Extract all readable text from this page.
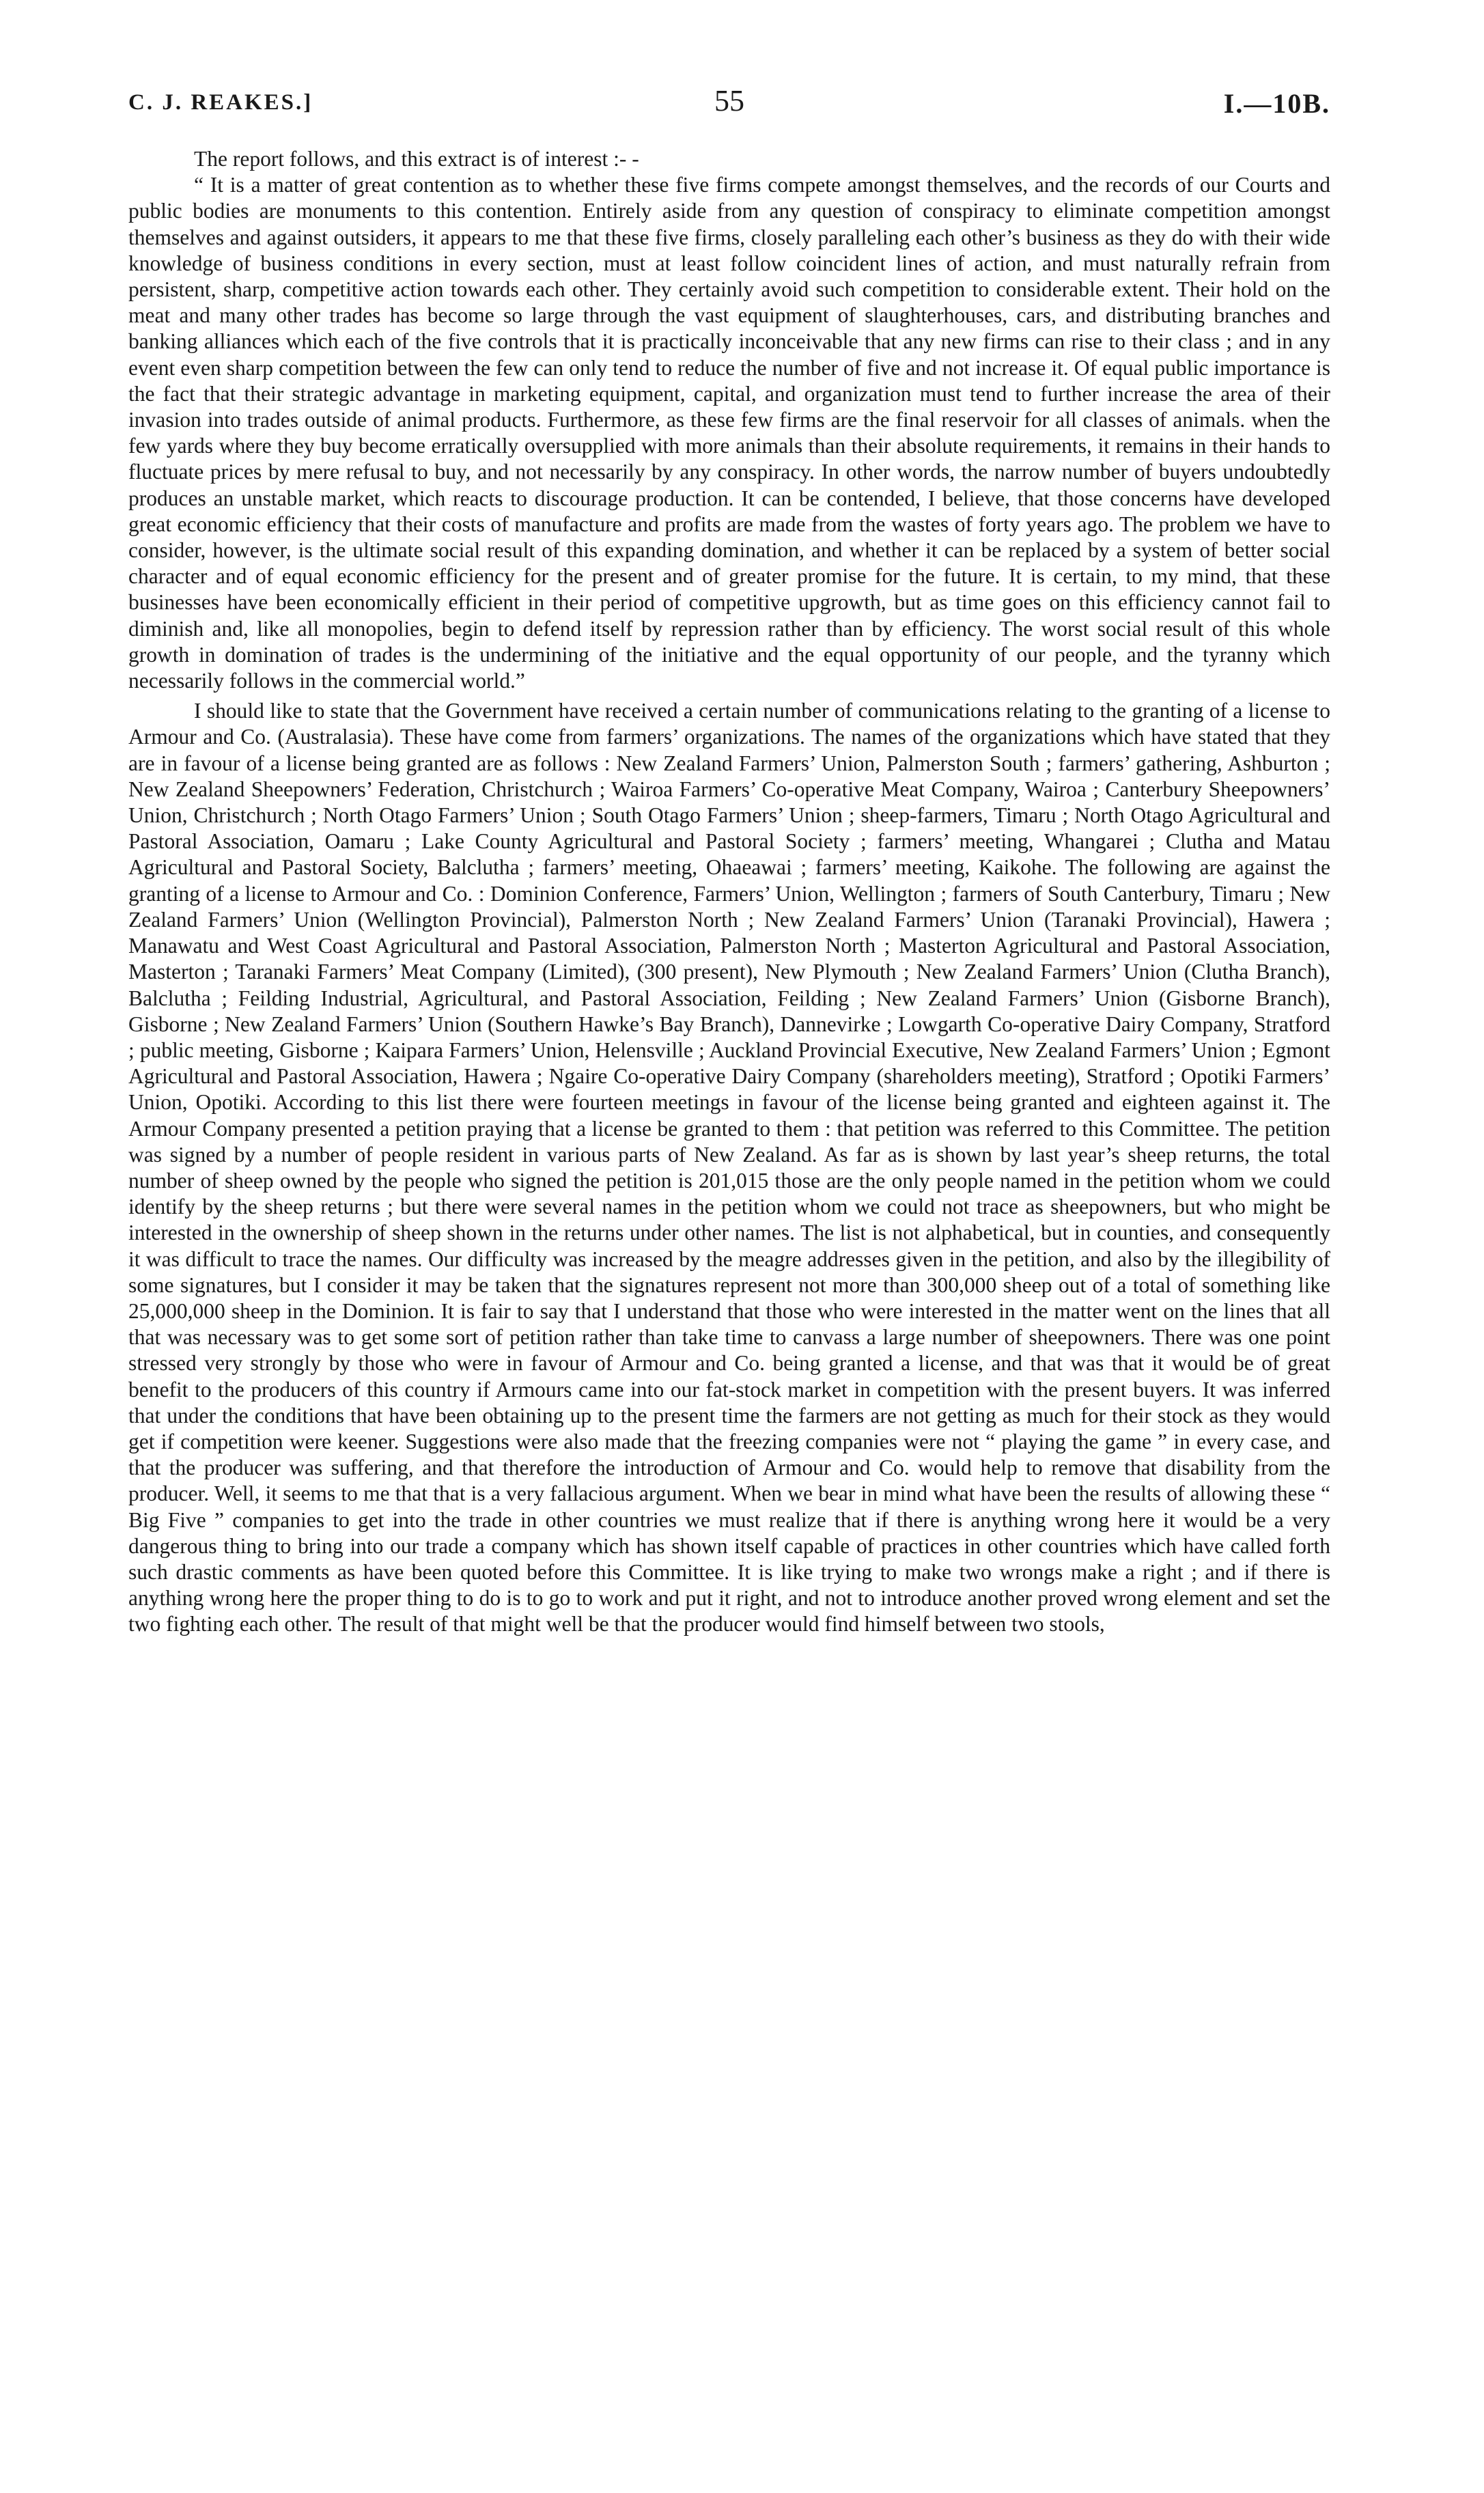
C. J. REAKES.]	55	I.—10B.

The report follows, and this extract is of interest :- -

“ It is a matter of great contention as to whether these five firms compete amongst themselves, and the records of our Courts and public bodies are monuments to this contention. Entirely aside from any question of conspiracy to eliminate competition amongst themselves and against outsiders, it appears to me that these five firms, closely paralleling each other’s business as they do with their wide knowledge of business conditions in every section, must at least follow coincident lines of action, and must naturally refrain from persistent, sharp, competitive action towards each other. They certainly avoid such competition to considerable extent. Their hold on the meat and many other trades has become so large through the vast equipment of slaughterhouses, cars, and distributing branches and banking alliances which each of the five controls that it is practically inconceivable that any new firms can rise to their class ; and in any event even sharp competition between the few can only tend to reduce the number of five and not increase it. Of equal public importance is the fact that their strategic advantage in marketing equipment, capital, and organization must tend to further increase the area of their invasion into trades outside of animal products. Furthermore, as these few firms are the final reservoir for all classes of animals. when the few yards where they buy become erratically oversupplied with more animals than their absolute requirements, it remains in their hands to fluctuate prices by mere refusal to buy, and not necessarily by any conspiracy. In other words, the narrow number of buyers undoubtedly produces an unstable market, which reacts to discourage production. It can be contended, I believe, that those concerns have developed great economic efficiency that their costs of manufacture and profits are made from the wastes of forty years ago. The problem we have to consider, however, is the ultimate social result of this expanding domination, and whether it can be replaced by a system of better social character and of equal economic efficiency for the present and of greater promise for the future. It is certain, to my mind, that these businesses have been economically efficient in their period of competitive upgrowth, but as time goes on this efficiency cannot fail to diminish and, like all monopolies, begin to defend itself by repression rather than by efficiency. The worst social result of this whole growth in domination of trades is the undermining of the initiative and the equal opportunity of our people, and the tyranny which necessarily follows in the commercial world.”

I should like to state that the Government have received a certain number of communications relating to the granting of a license to Armour and Co. (Australasia). These have come from farmers’ organizations. The names of the organizations which have stated that they are in favour of a license being granted are as follows : New Zealand Farmers’ Union, Palmerston South ; farmers’ gathering, Ashburton ; New Zealand Sheepowners’ Federation, Christchurch ; Wairoa Farmers’ Co-operative Meat Company, Wairoa ; Canterbury Sheepowners’ Union, Christchurch ; North Otago Farmers’ Union ; South Otago Farmers’ Union ; sheep-farmers, Timaru ; North Otago Agricultural and Pastoral Association, Oamaru ; Lake County Agricultural and Pastoral Society ; farmers’ meeting, Whangarei ; Clutha and Matau Agricultural and Pastoral Society, Balclutha ; farmers’ meeting, Ohaeawai ; farmers’ meeting, Kaikohe. The following are against the granting of a license to Armour and Co. : Dominion Conference, Farmers’ Union, Wellington ; farmers of South Canterbury, Timaru ; New Zealand Farmers’ Union (Wellington Provincial), Palmerston North ; New Zealand Farmers’ Union (Taranaki Provincial), Hawera ; Manawatu and West Coast Agricultural and Pastoral Association, Palmerston North ; Masterton Agricultural and Pastoral Association, Masterton ; Taranaki Farmers’ Meat Company (Limited), (300 present), New Plymouth ; New Zealand Farmers’ Union (Clutha Branch), Balclutha ; Feilding Industrial, Agricultural, and Pastoral Association, Feilding ; New Zealand Farmers’ Union (Gisborne Branch), Gisborne ; New Zealand Farmers’ Union (Southern Hawke’s Bay Branch), Dannevirke ; Lowgarth Co-operative Dairy Company, Stratford ; public meeting, Gisborne ; Kaipara Farmers’ Union, Helensville ; Auckland Provincial Executive, New Zealand Farmers’ Union ; Egmont Agricultural and Pastoral Association, Hawera ; Ngaire Co-operative Dairy Company (shareholders meeting), Stratford ; Opotiki Farmers’ Union, Opotiki. According to this list there were fourteen meetings in favour of the license being granted and eighteen against it. The Armour Company presented a petition praying that a license be granted to them : that petition was referred to this Committee. The petition was signed by a number of people resident in various parts of New Zealand. As far as is shown by last year’s sheep returns, the total number of sheep owned by the people who signed the petition is 201,015 those are the only people named in the petition whom we could identify by the sheep returns ; but there were several names in the petition whom we could not trace as sheepowners, but who might be interested in the ownership of sheep shown in the returns under other names. The list is not alphabetical, but in counties, and consequently it was difficult to trace the names. Our difficulty was increased by the meagre addresses given in the petition, and also by the illegibility of some signatures, but I consider it may be taken that the signatures represent not more than 300,000 sheep out of a total of something like 25,000,000 sheep in the Dominion. It is fair to say that I understand that those who were interested in the matter went on the lines that all that was necessary was to get some sort of petition rather than take time to canvass a large number of sheepowners. There was one point stressed very strongly by those who were in favour of Armour and Co. being granted a license, and that was that it would be of great benefit to the producers of this country if Armours came into our fat-stock market in competition with the present buyers. It was inferred that under the conditions that have been obtaining up to the present time the farmers are not getting as much for their stock as they would get if competition were keener. Suggestions were also made that the freezing companies were not “ playing the game ” in every case, and that the producer was suffering, and that therefore the introduction of Armour and Co. would help to remove that disability from the producer. Well, it seems to me that that is a very fallacious argument. When we bear in mind what have been the results of allowing these “ Big Five ” companies to get into the trade in other countries we must realize that if there is anything wrong here it would be a very dangerous thing to bring into our trade a company which has shown itself capable of practices in other countries which have called forth such drastic comments as have been quoted before this Committee. It is like trying to make two wrongs make a right ; and if there is anything wrong here the proper thing to do is to go to work and put it right, and not to introduce another proved wrong element and set the two fighting each other. The result of that might well be that the producer would find himself between two stools,
